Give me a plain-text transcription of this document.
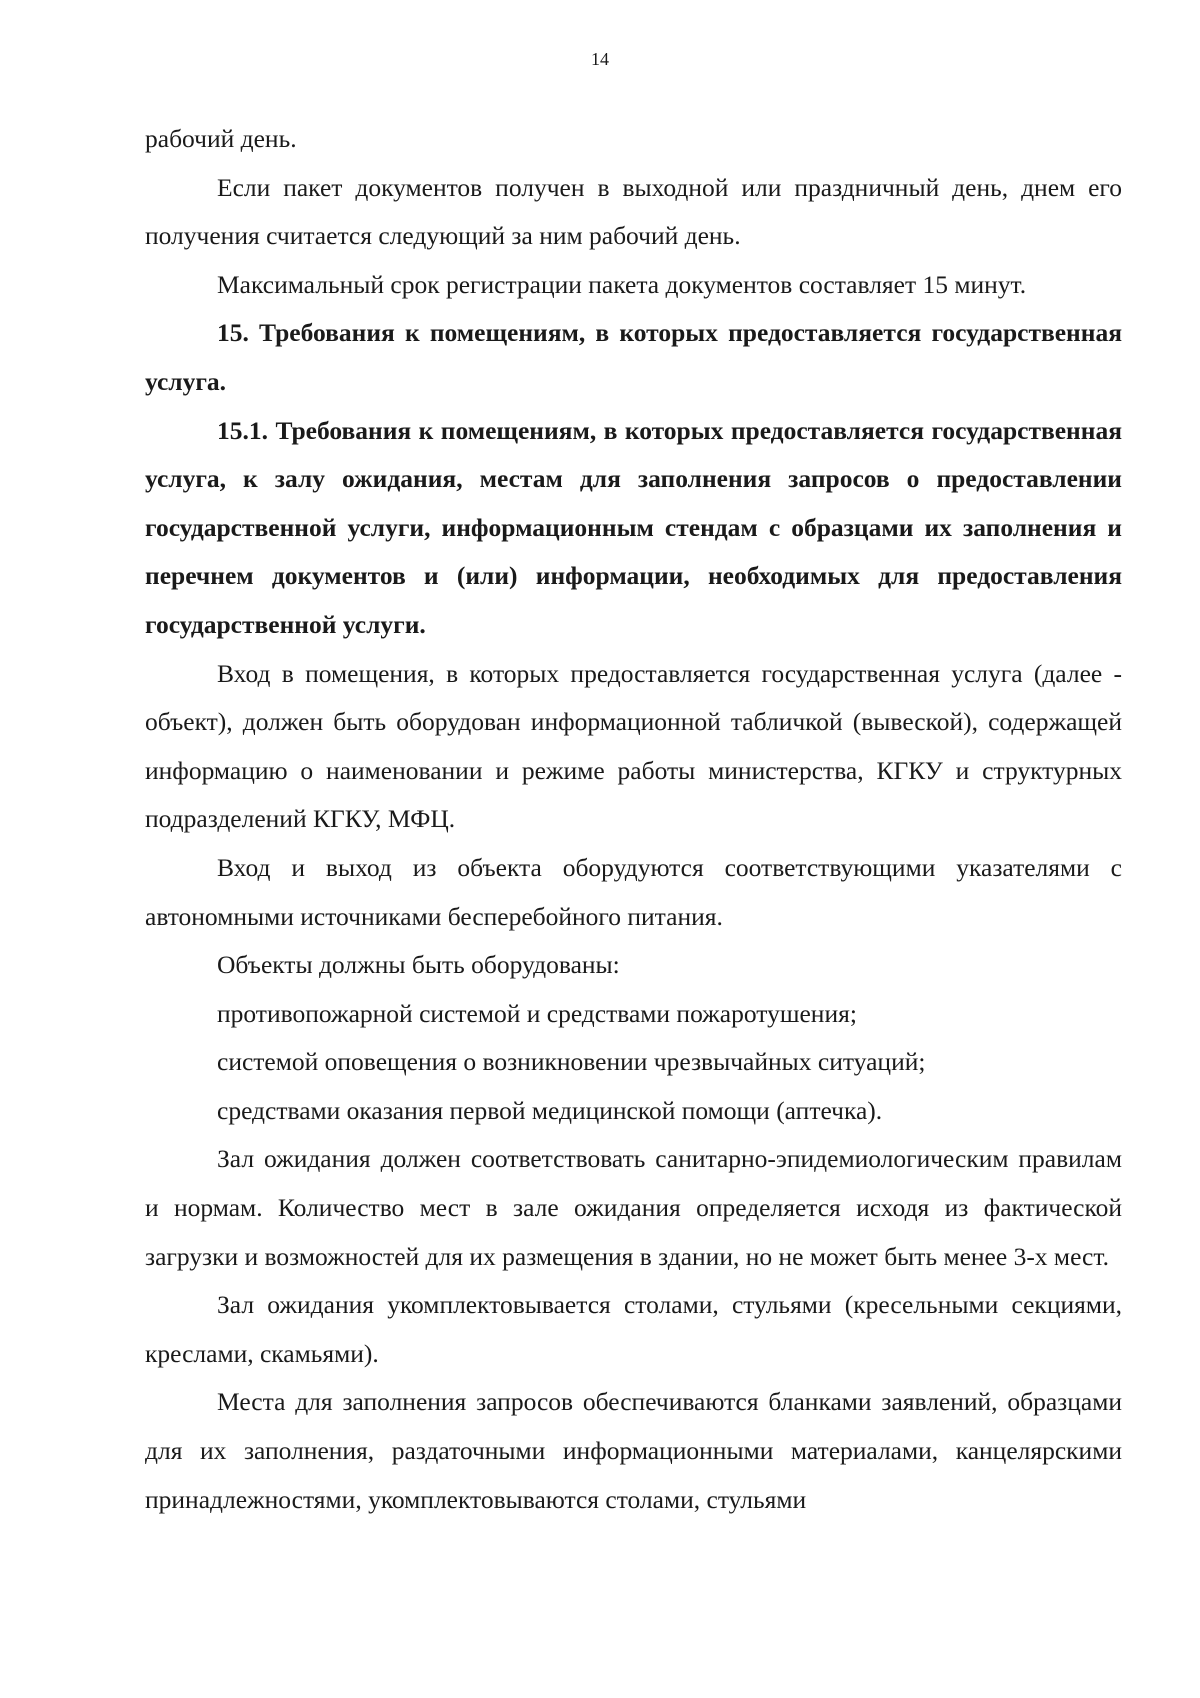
14

рабочий день.

Если пакет документов получен в выходной или праздничный день, днем его получения считается следующий за ним рабочий день.

Максимальный срок регистрации пакета документов составляет 15 минут.

15. Требования к помещениям, в которых предоставляется государственная услуга.

15.1. Требования к помещениям, в которых предоставляется государственная услуга, к залу ожидания, местам для заполнения запросов о предоставлении государственной услуги, информационным стендам с образцами их заполнения и перечнем документов и (или) информации, необходимых для предоставления государственной услуги.

Вход в помещения, в которых предоставляется государственная услуга (далее - объект), должен быть оборудован информационной табличкой (вывеской), содержащей информацию о наименовании и режиме работы министерства, КГКУ и структурных подразделений КГКУ, МФЦ.

Вход и выход из объекта оборудуются соответствующими указателями с автономными источниками бесперебойного питания.

Объекты должны быть оборудованы:

противопожарной системой и средствами пожаротушения;

системой оповещения о возникновении чрезвычайных ситуаций;

средствами оказания первой медицинской помощи (аптечка).

Зал ожидания должен соответствовать санитарно-эпидемиологическим правилам и нормам. Количество мест в зале ожидания определяется исходя из фактической загрузки и возможностей для их размещения в здании, но не может быть менее 3-х мест.

Зал ожидания укомплектовывается столами, стульями (кресельными секциями, креслами, скамьями).

Места для заполнения запросов обеспечиваются бланками заявлений, образцами для их заполнения, раздаточными информационными материалами, канцелярскими принадлежностями, укомплектовываются столами, стульями
